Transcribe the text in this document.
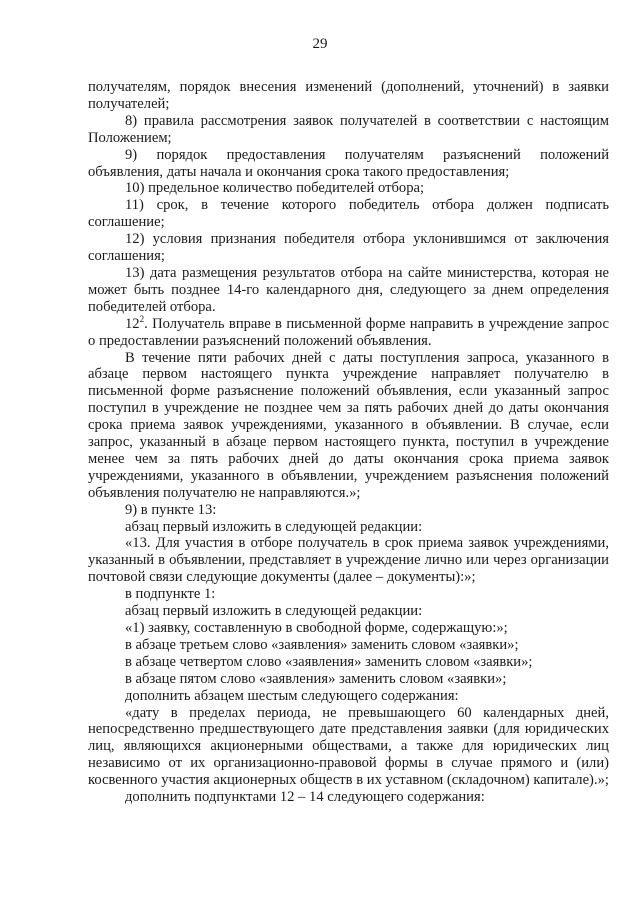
29

получателям, порядок внесения изменений (дополнений, уточнений) в заявки получателей;

8) правила рассмотрения заявок получателей в соответствии с настоящим Положением;

9) порядок предоставления получателям разъяснений положений объявления, даты начала и окончания срока такого предоставления;

10) предельное количество победителей отбора;

11) срок, в течение которого победитель отбора должен подписать соглашение;

12) условия признания победителя отбора уклонившимся от заключения соглашения;

13) дата размещения результатов отбора на сайте министерства, которая не может быть позднее 14-го календарного дня, следующего за днем определения победителей отбора.

$12^2$. Получатель вправе в письменной форме направить в учреждение запрос о предоставлении разъяснений положений объявления.

В течение пяти рабочих дней с даты поступления запроса, указанного в абзаце первом настоящего пункта учреждение направляет получателю в письменной форме разъяснение положений объявления, если указанный запрос поступил в учреждение не позднее чем за пять рабочих дней до даты окончания срока приема заявок учреждениями, указанного в объявлении. В случае, если запрос, указанный в абзаце первом настоящего пункта, поступил в учреждение менее чем за пять рабочих дней до даты окончания срока приема заявок учреждениями, указанного в объявлении, учреждением разъяснения положений объявления получателю не направляются.»;

9) в пункте 13:

абзац первый изложить в следующей редакции:

«13. Для участия в отборе получатель в срок приема заявок учреждениями, указанный в объявлении, представляет в учреждение лично или через организации почтовой связи следующие документы (далее – документы):»;

в подпункте 1:

абзац первый изложить в следующей редакции:

«1) заявку, составленную в свободной форме, содержащую:»;

в абзаце третьем слово «заявления» заменить словом «заявки»;

в абзаце четвертом слово «заявления» заменить словом «заявки»;

в абзаце пятом слово «заявления» заменить словом «заявки»;

дополнить абзацем шестым следующего содержания:

«дату в пределах периода, не превышающего 60 календарных дней, непосредственно предшествующего дате представления заявки (для юридических лиц, являющихся акционерными обществами, а также для юридических лиц независимо от их организационно-правовой формы в случае прямого и (или) косвенного участия акционерных обществ в их уставном (складочном) капитале).»;

дополнить подпунктами 12 – 14 следующего содержания:
